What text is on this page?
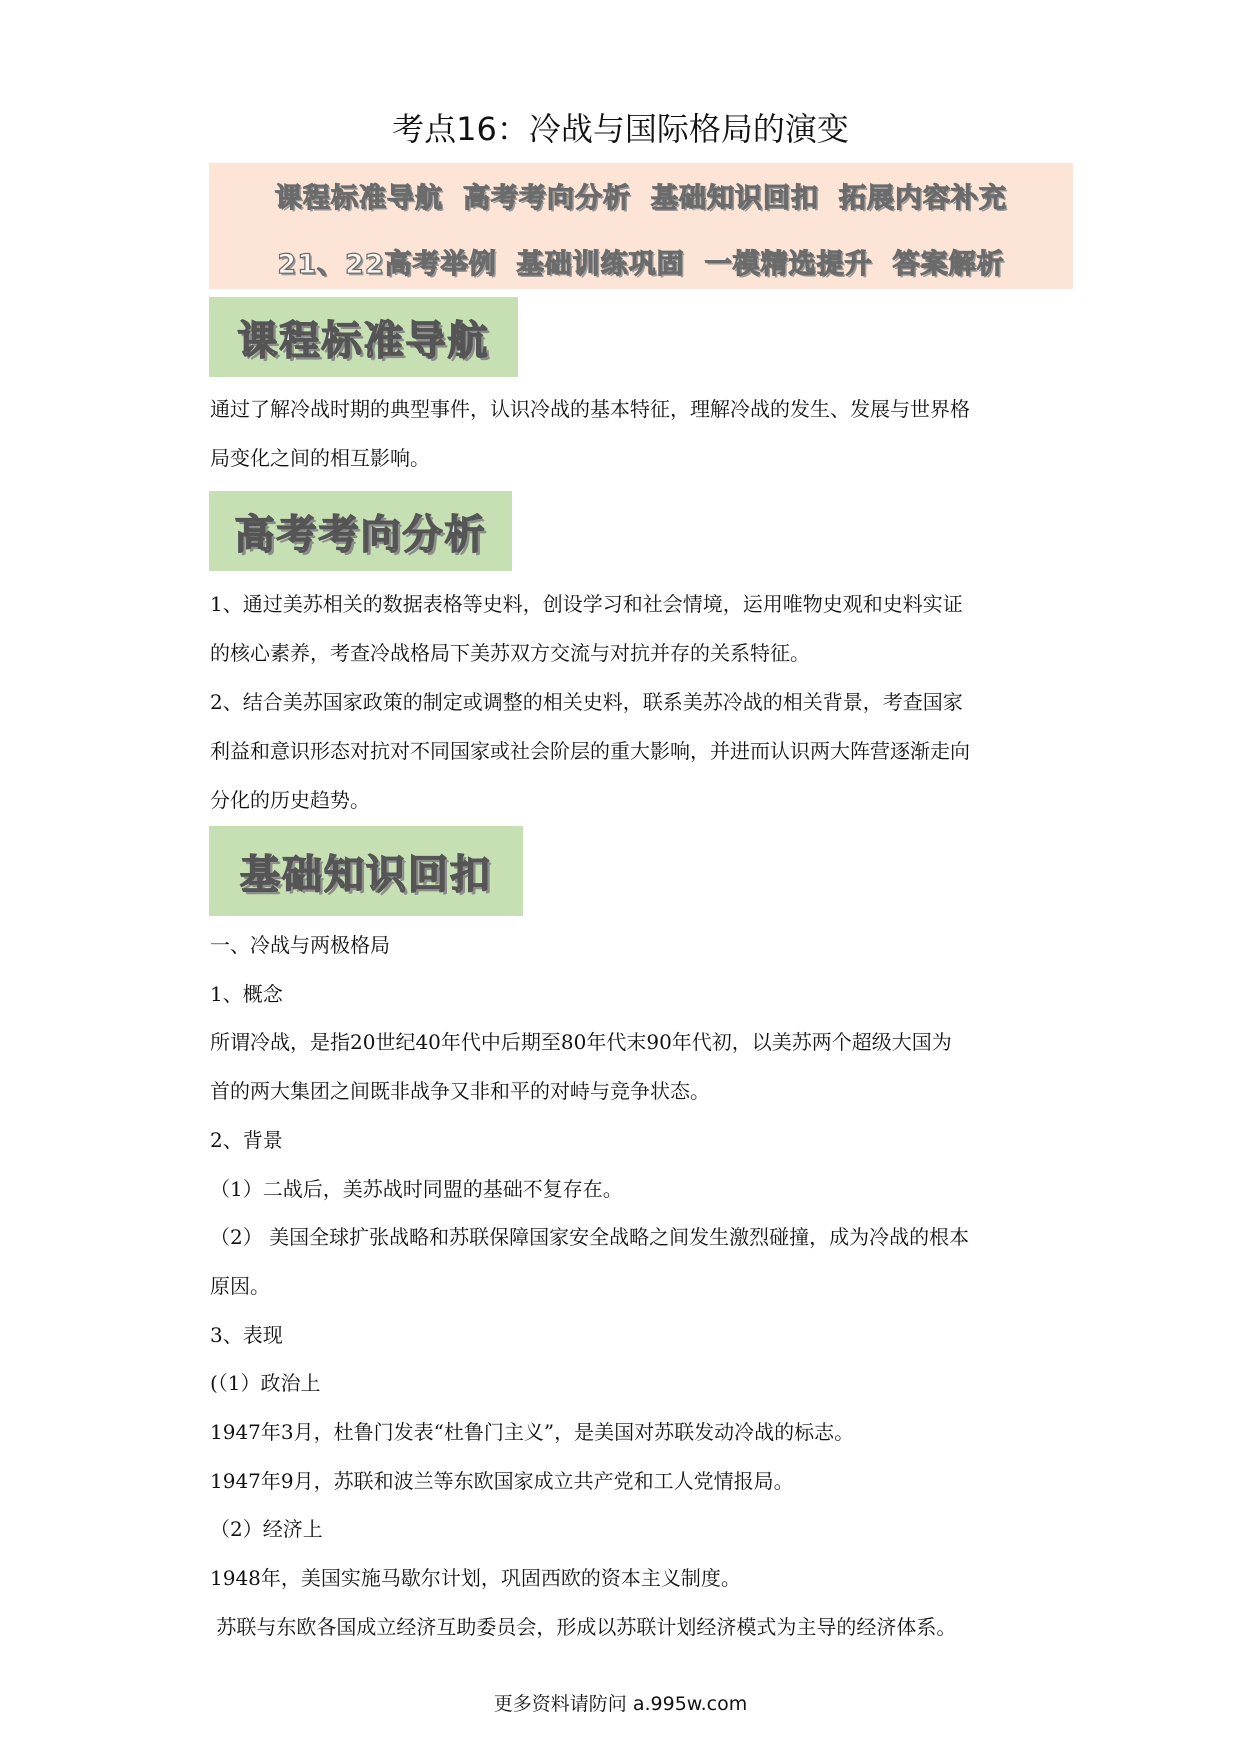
考点16：冷战与国际格局的演变
课程标准导航 高考考向分析 基础知识回扣 拓展内容补充
21、22高考举例 基础训练巩固 一模精选提升 答案解析
课程标准导航
通过了解冷战时期的典型事件，认识冷战的基本特征，理解冷战的发生、发展与世界格
局变化之间的相互影响。
高考考向分析
1、通过美苏相关的数据表格等史料，创设学习和社会情境，运用唯物史观和史料实证
的核心素养，考查冷战格局下美苏双方交流与对抗并存的关系特征。
2、结合美苏国家政策的制定或调整的相关史料，联系美苏冷战的相关背景，考查国家
利益和意识形态对抗对不同国家或社会阶层的重大影响，并进而认识两大阵营逐渐走向
分化的历史趋势。
基础知识回扣
一、冷战与两极格局
1、概念
所谓冷战，是指20世纪40年代中后期至80年代末90年代初，以美苏两个超级大国为
首的两大集团之间既非战争又非和平的对峙与竞争状态。
2、背景
（1）二战后，美苏战时同盟的基础不复存在。
（2） 美国全球扩张战略和苏联保障国家安全战略之间发生激烈碰撞，成为冷战的根本
原因。
3、表现
(（1）政治上
1947年3月，杜鲁门发表“杜鲁门主义”，是美国对苏联发动冷战的标志。
1947年9月，苏联和波兰等东欧国家成立共产党和工人党情报局。
（2）经济上
1948年，美国实施马歇尔计划，巩固西欧的资本主义制度。
苏联与东欧各国成立经济互助委员会，形成以苏联计划经济模式为主导的经济体系。
更多资料请防问 a.995w.com
